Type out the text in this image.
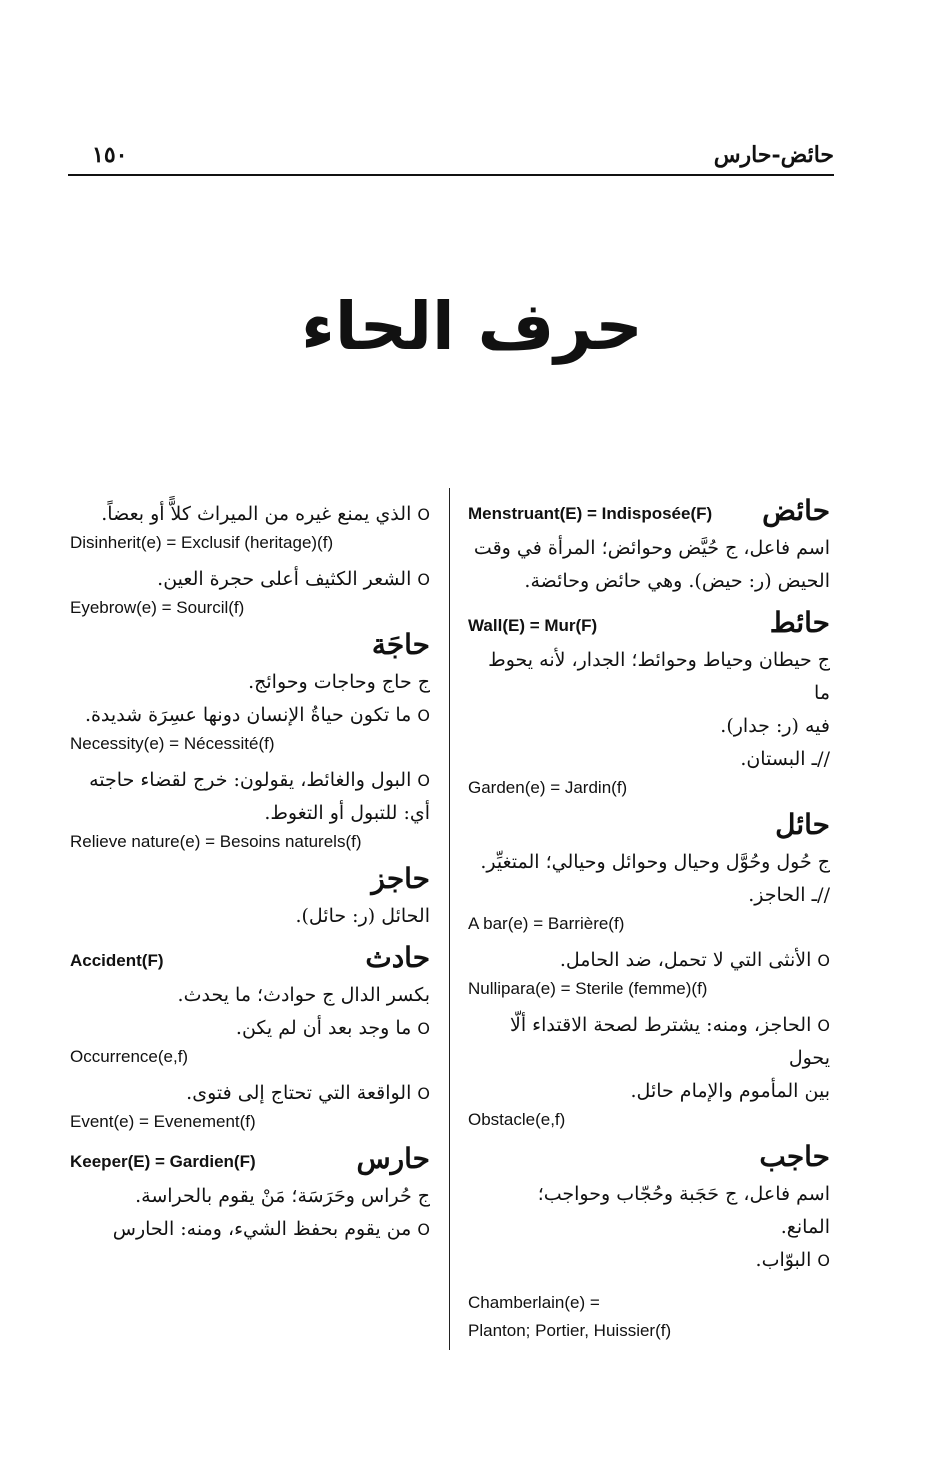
حائض-حارس
١٥٠
حرف الحاء
حائض
Menstruant(E) = Indisposée(F)
اسم فاعل، ج حُيَّض وحوائض؛ المرأة في وقت
الحيض (ر: حيض). وهي حائض وحائضة.
حائط
Wall(E) = Mur(F)
ج حيطان وحياط وحوائط؛ الجدار، لأنه يحوط ما
فيه (ر: جدار).
//ـ البستان.
Garden(e) = Jardin(f)
حائل
ج حُول وحُوَّل وحيال وحوائل وحيالي؛ المتغيِّر.
//ـ الحاجز.
A bar(e) = Barrière(f)
O الأنثى التي لا تحمل، ضد الحامل.
Nullipara(e) = Sterile (femme)(f)
O الحاجز، ومنه: يشترط لصحة الاقتداء ألّا يحول
بين المأموم والإمام حائل.
Obstacle(e,f)
حاجب
اسم فاعل، ج حَجَبة وحُجّاب وحواجب؛
المانع.
O البوّاب.
Chamberlain(e) =
Planton; Portier, Huissier(f)
O الذي يمنع غيره من الميراث كلاًّ أو بعضاً.
Disinherit(e) = Exclusif (heritage)(f)
O الشعر الكثيف أعلى حجرة العين.
Eyebrow(e) = Sourcil(f)
حاجَة
ج حاج وحاجات وحوائج.
O ما تكون حياةُ الإنسان دونها عسِرَة شديدة.
Necessity(e) = Nécessité(f)
O البول والغائط، يقولون: خرج لقضاء حاجته
أي: للتبول أو التغوط.
Relieve nature(e) = Besoins naturels(f)
حاجز
الحائل (ر: حائل).
حادث
Accident(F)
بكسر الدال ج حوادث؛ ما يحدث.
O ما وجد بعد أن لم يكن.
Occurrence(e,f)
O الواقعة التي تحتاج إلى فتوى.
Event(e) = Evenement(f)
حارس
Keeper(E) = Gardien(F)
ج حُراس وحَرَسَة؛ مَنْ يقوم بالحراسة.
O من يقوم بحفظ الشيء، ومنه: الحارس
